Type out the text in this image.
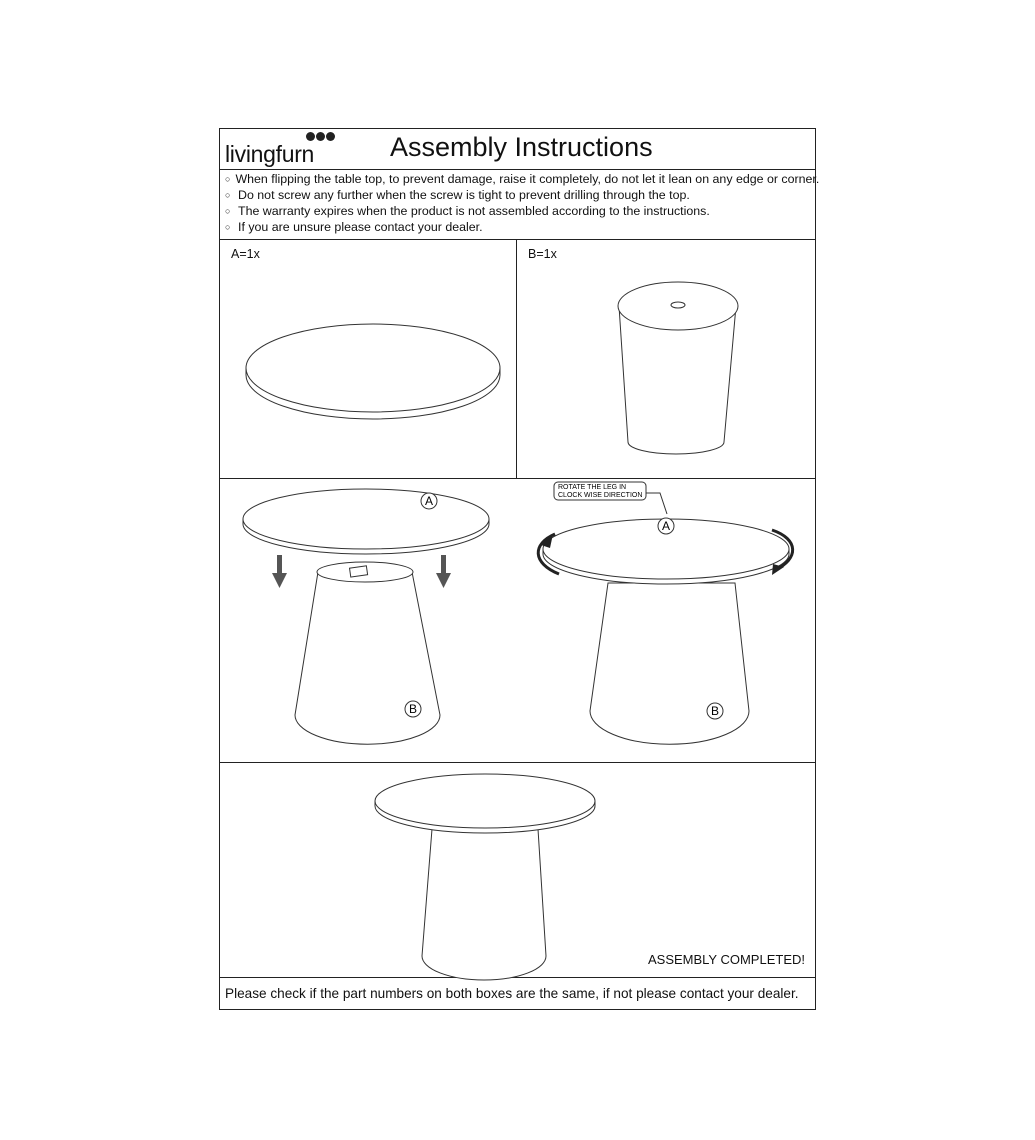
livingfurn	Assembly Instructions
○ When flipping the table top, to prevent damage, raise it completely, do not let it lean on any edge or corner.
○ Do not screw any further when the screw is tight to prevent drilling through the top.
○ The warranty expires when the product is not assembled according to the instructions.
○ If you are unsure please contact your dealer.
A=1x	B=1x
A
B
ROTATE THE LEG IN
CLOCK WISE DIRECTION
A
B
ASSEMBLY COMPLETED!
Please check if the part numbers on both boxes are the same, if not please contact your dealer.
